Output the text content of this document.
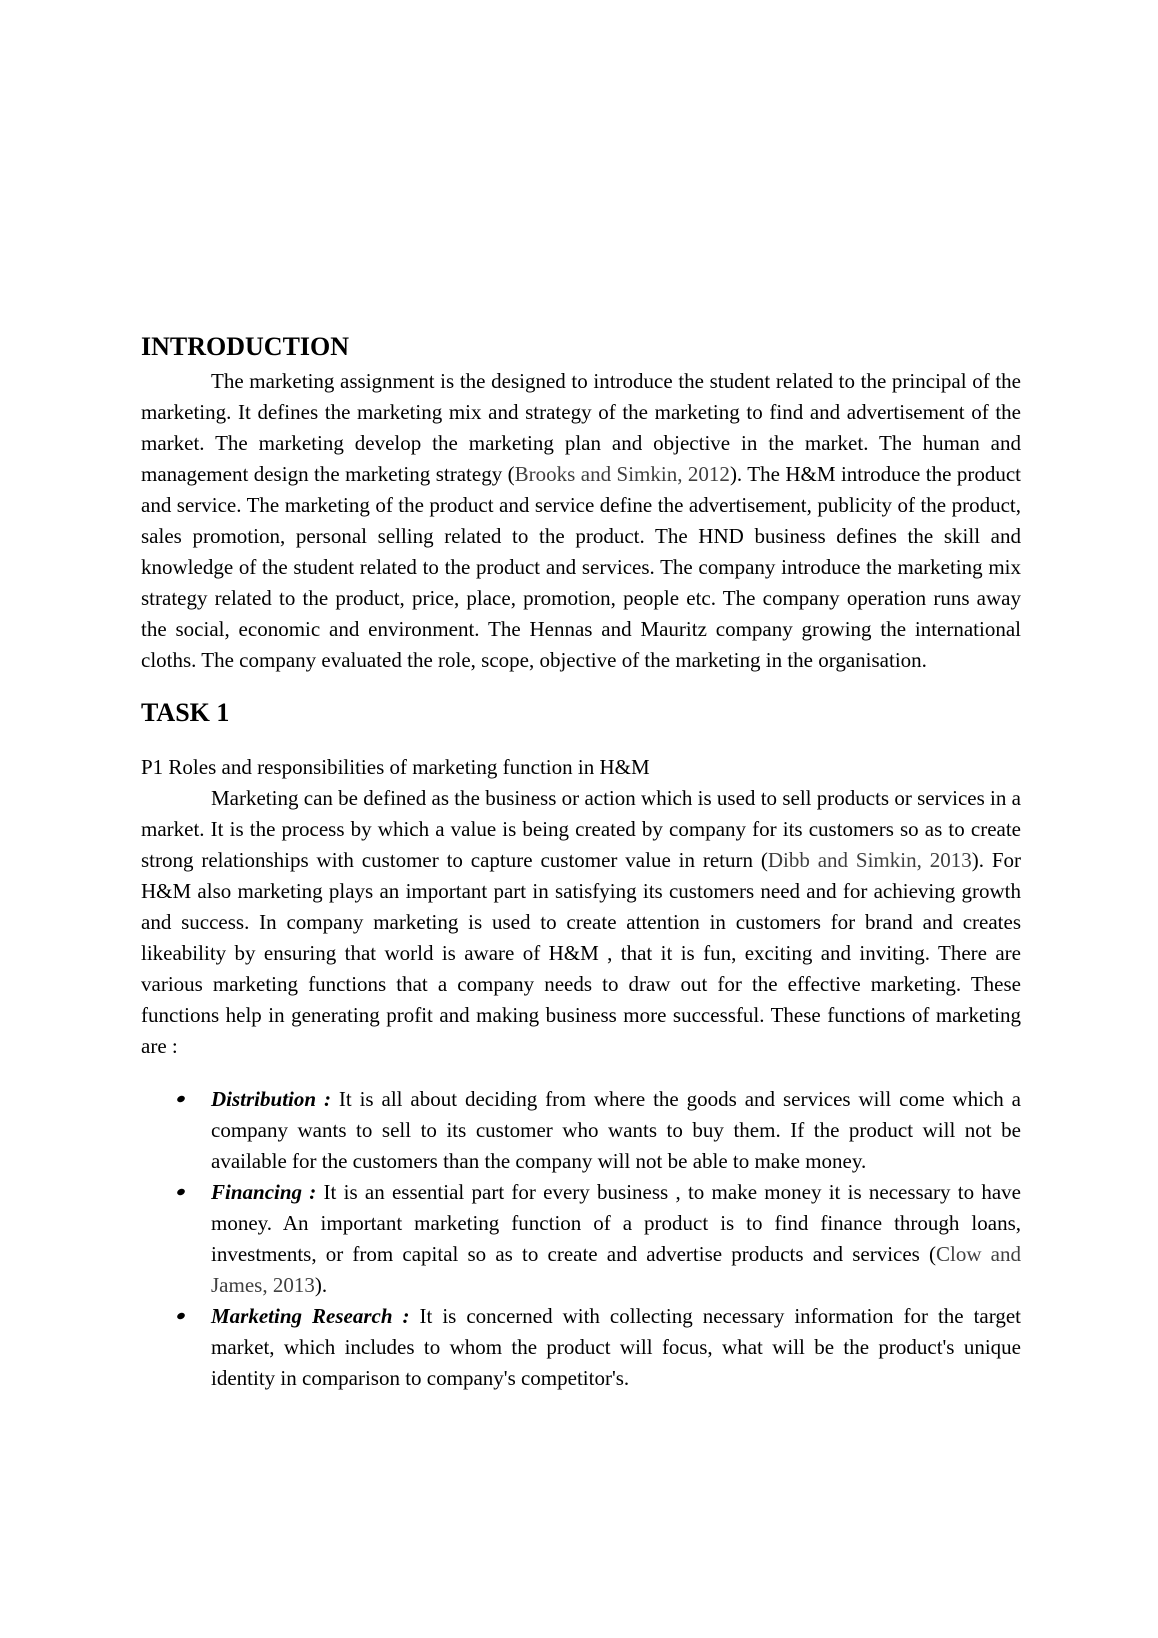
INTRODUCTION

The marketing assignment is the designed to introduce the student related to the principal of the marketing. It defines the marketing mix and strategy of the marketing to find and advertisement of the market. The marketing develop the marketing plan and objective in the market. The human and management design the marketing strategy (Brooks and Simkin, 2012). The H&M introduce the product and service. The marketing of the product and service define the advertisement, publicity of the product, sales promotion, personal selling related to the product. The HND business defines the skill and knowledge of the student related to the product and services. The company introduce the marketing mix strategy related to the product, price, place, promotion, people etc. The company operation runs away the social, economic and environment. The Hennas and Mauritz company growing the international cloths. The company evaluated the role, scope, objective of the marketing in the organisation.

TASK 1

P1 Roles and responsibilities of marketing function in H&M

Marketing can be defined as the business or action which is used to sell products or services in a market. It is the process by which a value is being created by company for its customers so as to create strong relationships with customer to capture customer value in return (Dibb and Simkin, 2013). For H&M also marketing plays an important part in satisfying its customers need and for achieving growth and success. In company marketing is used to create attention in customers for brand and creates likeability by ensuring that world is aware of H&M , that it is fun, exciting and inviting. There are various marketing functions that a company needs to draw out for the effective marketing. These functions help in generating profit and making business more successful. These functions of marketing are :

Distribution : It is all about deciding from where the goods and services will come which a company wants to sell to its customer who wants to buy them. If the product will not be available for the customers than the company will not be able to make money.
Financing : It is an essential part for every business , to make money it is necessary to have money. An important marketing function of a product is to find finance through loans, investments, or from capital so as to create and advertise products and services (Clow and James, 2013).
Marketing Research : It is concerned with collecting necessary information for the target market, which includes to whom the product will focus, what will be the product's unique identity in comparison to company's competitor's.
